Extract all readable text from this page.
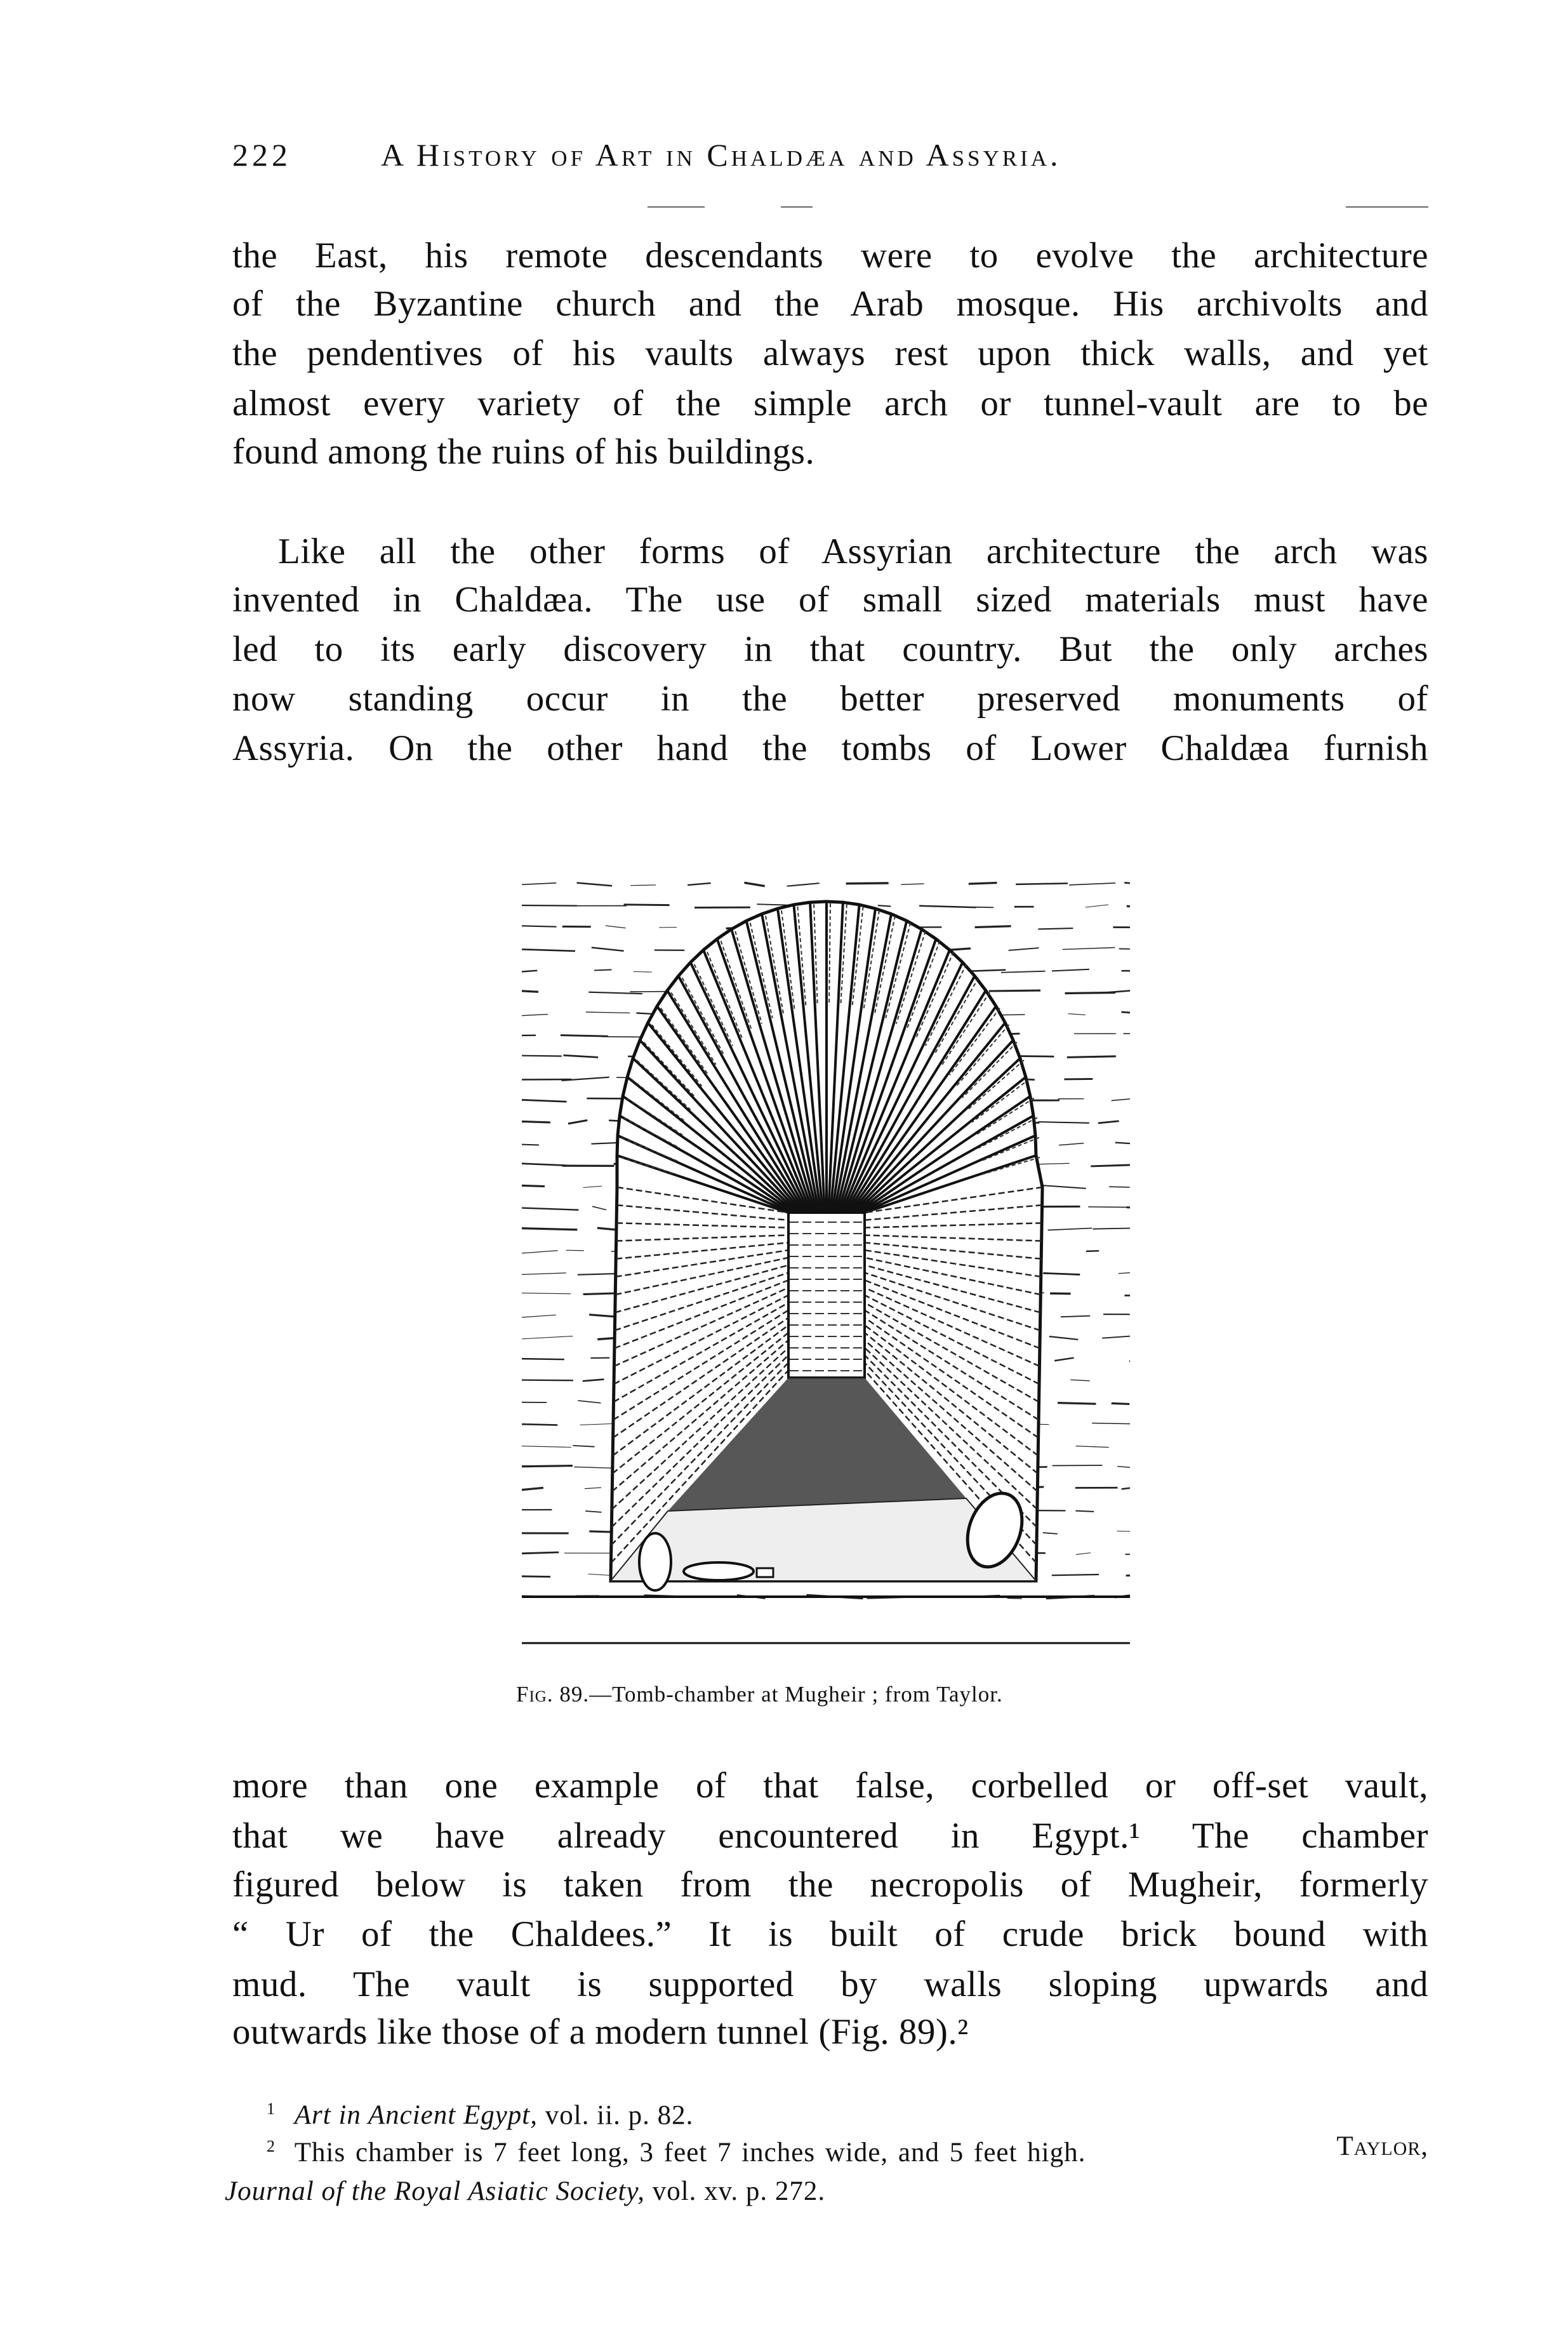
222	A History of Art in Chaldæa and Assyria.
the East, his remote descendants were to evolve the architecture
of the Byzantine church and the Arab mosque. His archivolts and
the pendentives of his vaults always rest upon thick walls, and yet
almost every variety of the simple arch or tunnel-vault are to be
found among the ruins of his buildings.
Like all the other forms of Assyrian architecture the arch was
invented in Chaldæa. The use of small sized materials must have
led to its early discovery in that country. But the only arches
now standing occur in the better preserved monuments of
Assyria. On the other hand the tombs of Lower Chaldæa furnish
more than one example of that false, corbelled or off-set vault,
that we have already encountered in Egypt.¹ The chamber
figured below is taken from the necropolis of Mugheir, formerly
“ Ur of the Chaldees.” It is built of crude brick bound with
mud. The vault is supported by walls sloping upwards and
outwards like those of a modern tunnel (Fig. 89).²
Fig. 89.—Tomb-chamber at Mugheir ; from Taylor.
$^1$ Art in Ancient Egypt, vol. ii. p. 82.
$^2$ This chamber is 7 feet long, 3 feet 7 inches wide, and 5 feet high.	Taylor,
Journal of the Royal Asiatic Society, vol. xv. p. 272.
